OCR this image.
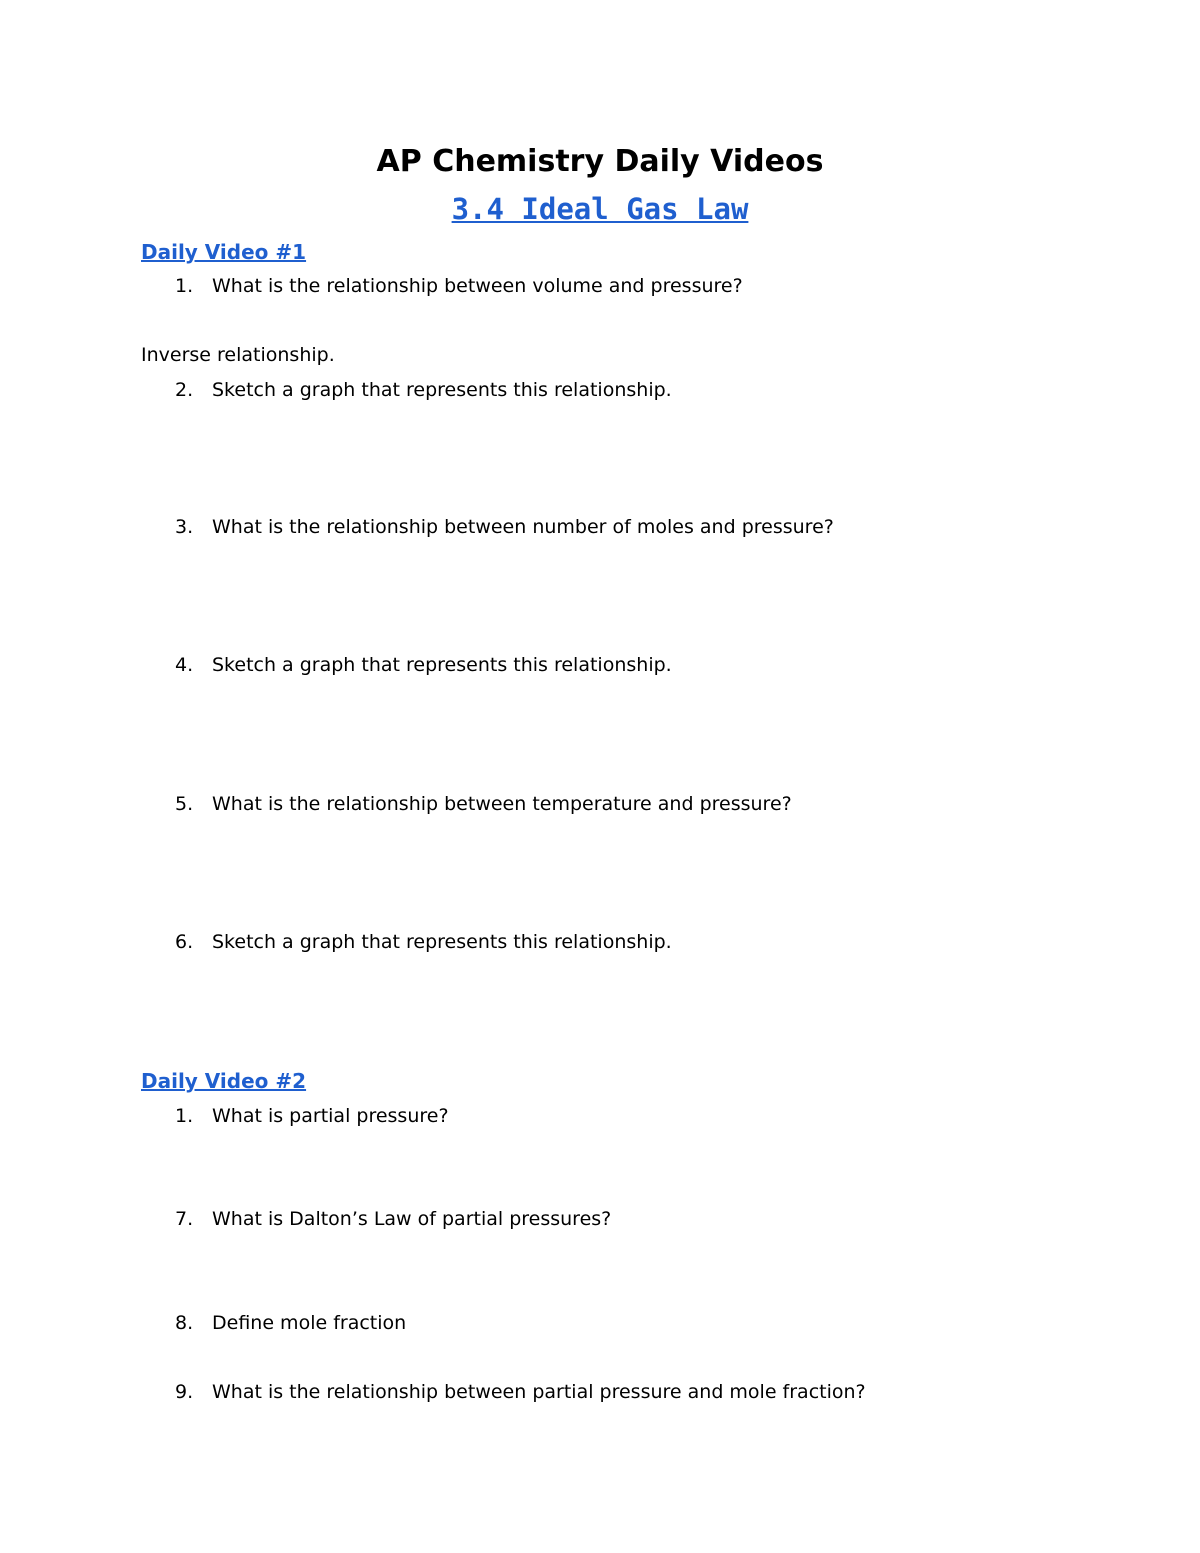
AP Chemistry Daily Videos
3.4 Ideal Gas Law
Daily Video #1
1. What is the relationship between volume and pressure?
Inverse relationship.
2. Sketch a graph that represents this relationship.
3. What is the relationship between number of moles and pressure?
4. Sketch a graph that represents this relationship.
5. What is the relationship between temperature and pressure?
6. Sketch a graph that represents this relationship.
Daily Video #2
1. What is partial pressure?
7. What is Dalton’s Law of partial pressures?
8. Define mole fraction
9. What is the relationship between partial pressure and mole fraction?
